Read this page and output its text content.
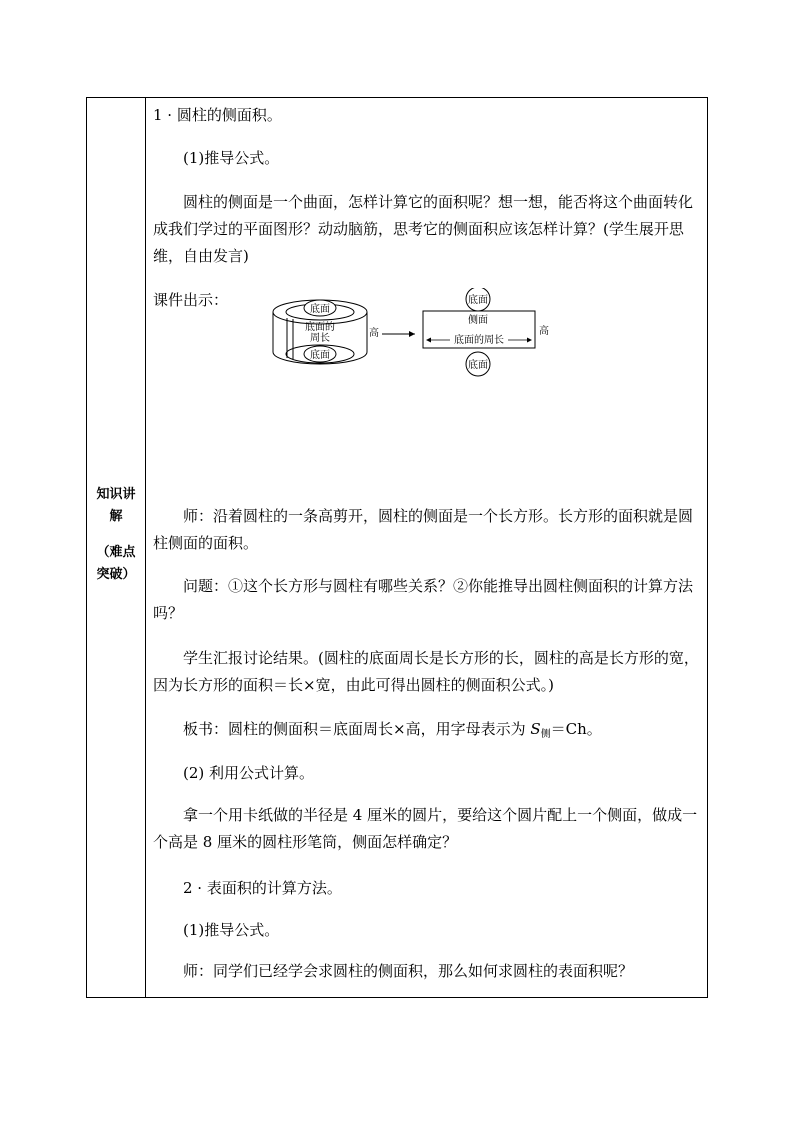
知识讲
解
（难点
突破）
1 · 圆柱的侧面积。
(1)推导公式。
圆柱的侧面是一个曲面，怎样计算它的面积呢？想一想，能否将这个曲面转化成我们学过的平面图形？动动脑筋，思考它的侧面积应该怎样计算？(学生展开思维，自由发言)
课件出示：
底面
底面的
周长
底面
高
底面
侧面
底面的周长
高
底面
师：沿着圆柱的一条高剪开，圆柱的侧面是一个长方形。长方形的面积就是圆柱侧面的面积。
问题：①这个长方形与圆柱有哪些关系？②你能推导出圆柱侧面积的计算方法吗？
学生汇报讨论结果。(圆柱的底面周长是长方形的长，圆柱的高是长方形的宽，因为长方形的面积＝长×宽，由此可得出圆柱的侧面积公式。)
板书：圆柱的侧面积＝底面周长×高，用字母表示为 $S_侧=Ch$。
(2) 利用公式计算。
拿一个用卡纸做的半径是 4 厘米的圆片，要给这个圆片配上一个侧面，做成一个高是 8 厘米的圆柱形笔筒，侧面怎样确定？
2 · 表面积的计算方法。
(1)推导公式。
师：同学们已经学会求圆柱的侧面积，那么如何求圆柱的表面积呢？
